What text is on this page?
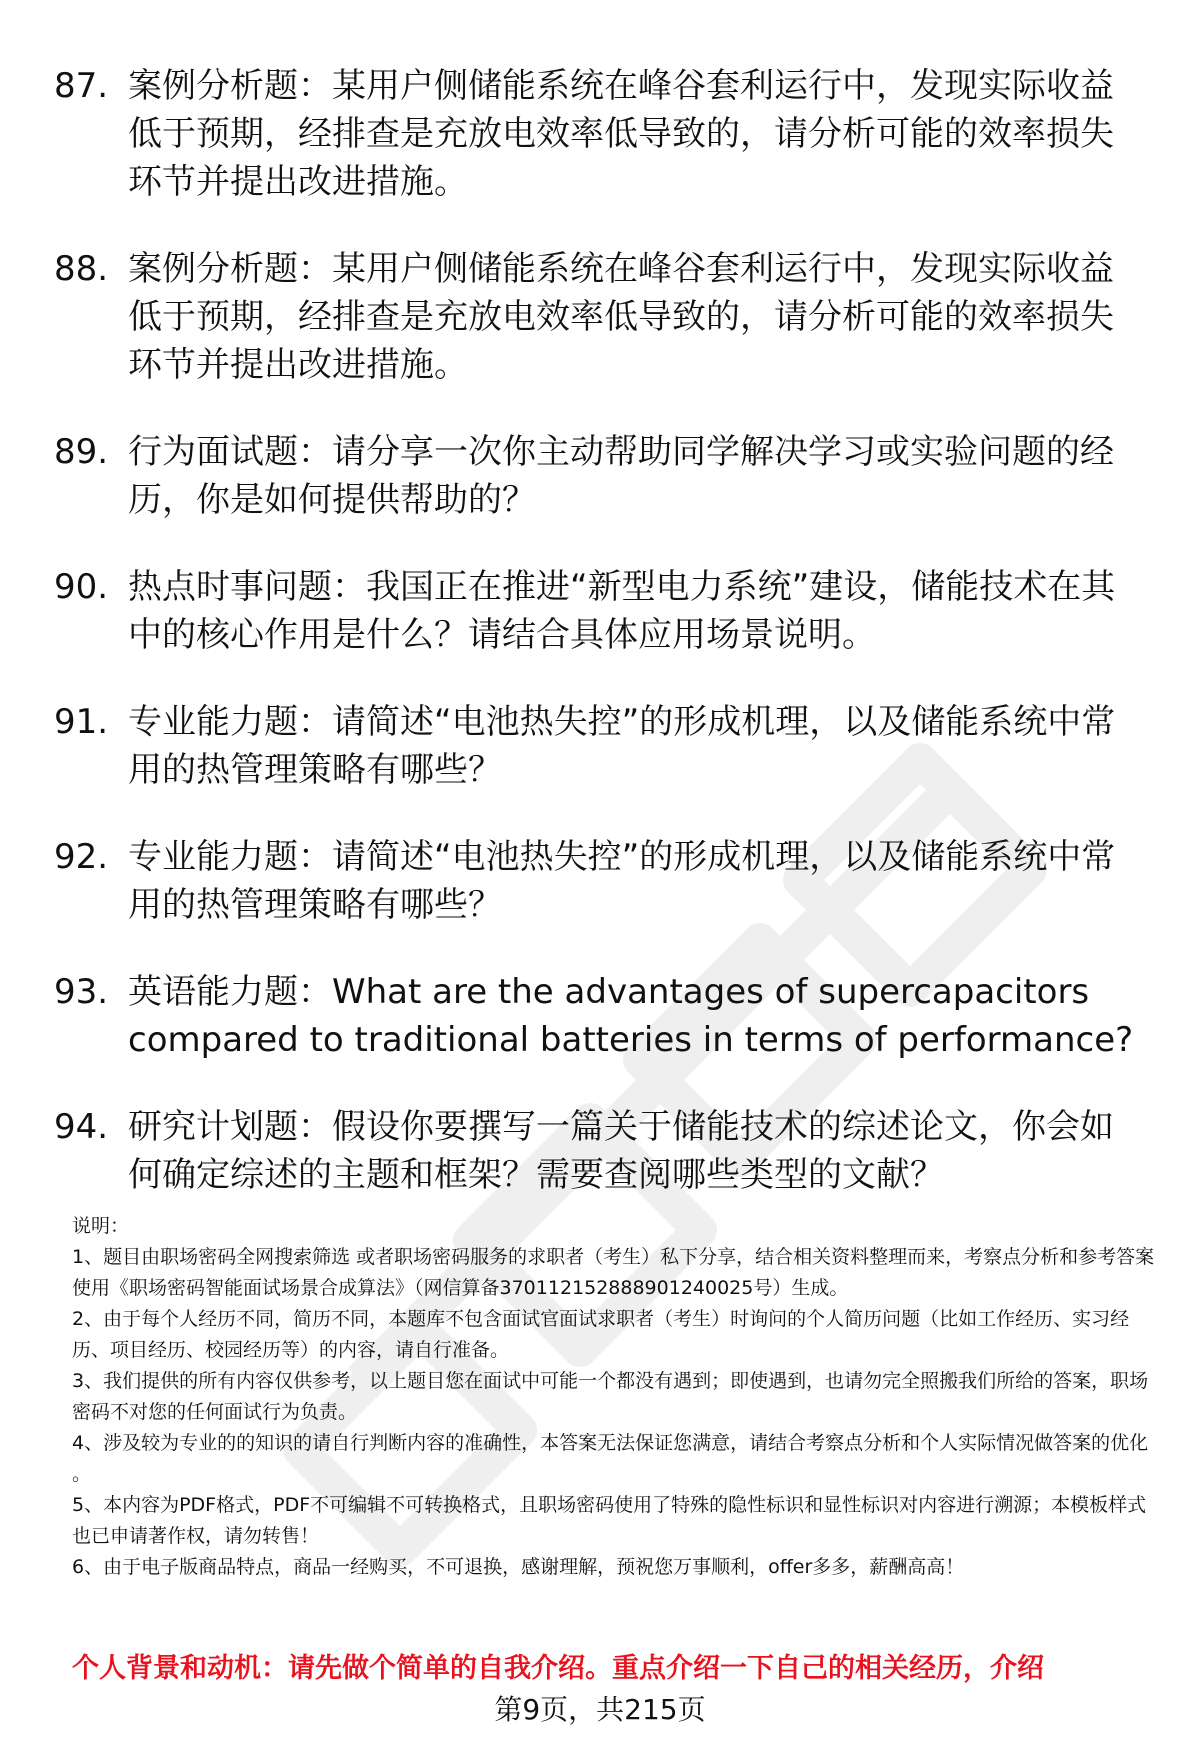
87. 案例分析题：某用户侧储能系统在峰谷套利运行中，发现实际收益低于预期，经排查是充放电效率低导致的，请分析可能的效率损失环节并提出改进措施。
88. 案例分析题：某用户侧储能系统在峰谷套利运行中，发现实际收益低于预期，经排查是充放电效率低导致的，请分析可能的效率损失环节并提出改进措施。
89. 行为面试题：请分享一次你主动帮助同学解决学习或实验问题的经历，你是如何提供帮助的？
90. 热点时事问题：我国正在推进“新型电力系统”建设，储能技术在其中的核心作用是什么？请结合具体应用场景说明。
91. 专业能力题：请简述“电池热失控”的形成机理，以及储能系统中常用的热管理策略有哪些？
92. 专业能力题：请简述“电池热失控”的形成机理，以及储能系统中常用的热管理策略有哪些？
93. 英语能力题：What are the advantages of supercapacitors compared to traditional batteries in terms of performance?
94. 研究计划题：假设你要撰写一篇关于储能技术的综述论文，你会如何确定综述的主题和框架？需要查阅哪些类型的文献？

说明：

1、题目由职场密码全网搜索筛选 或者职场密码服务的求职者（考生）私下分享，结合相关资料整理而来，考察点分析和参考答案使用《职场密码智能面试场景合成算法》（网信算备370112152888901240025号）生成。

2、由于每个人经历不同，简历不同，本题库不包含面试官面试求职者（考生）时询问的个人简历问题（比如工作经历、实习经历、项目经历、校园经历等）的内容，请自行准备。

3、我们提供的所有内容仅供参考，以上题目您在面试中可能一个都没有遇到；即使遇到，也请勿完全照搬我们所给的答案，职场密码不对您的任何面试行为负责。

4、涉及较为专业的的知识的请自行判断内容的准确性，本答案无法保证您满意，请结合考察点分析和个人实际情况做答案的优化 。

5、本内容为PDF格式，PDF不可编辑不可转换格式，且职场密码使用了特殊的隐性标识和显性标识对内容进行溯源；本模板样式也已申请著作权，请勿转售！

6、由于电子版商品特点，商品一经购买，不可退换，感谢理解，预祝您万事顺利，offer多多，薪酬高高！

个人背景和动机：请先做个简单的自我介绍。重点介绍一下自己的相关经历，介绍
第9页，共215页
